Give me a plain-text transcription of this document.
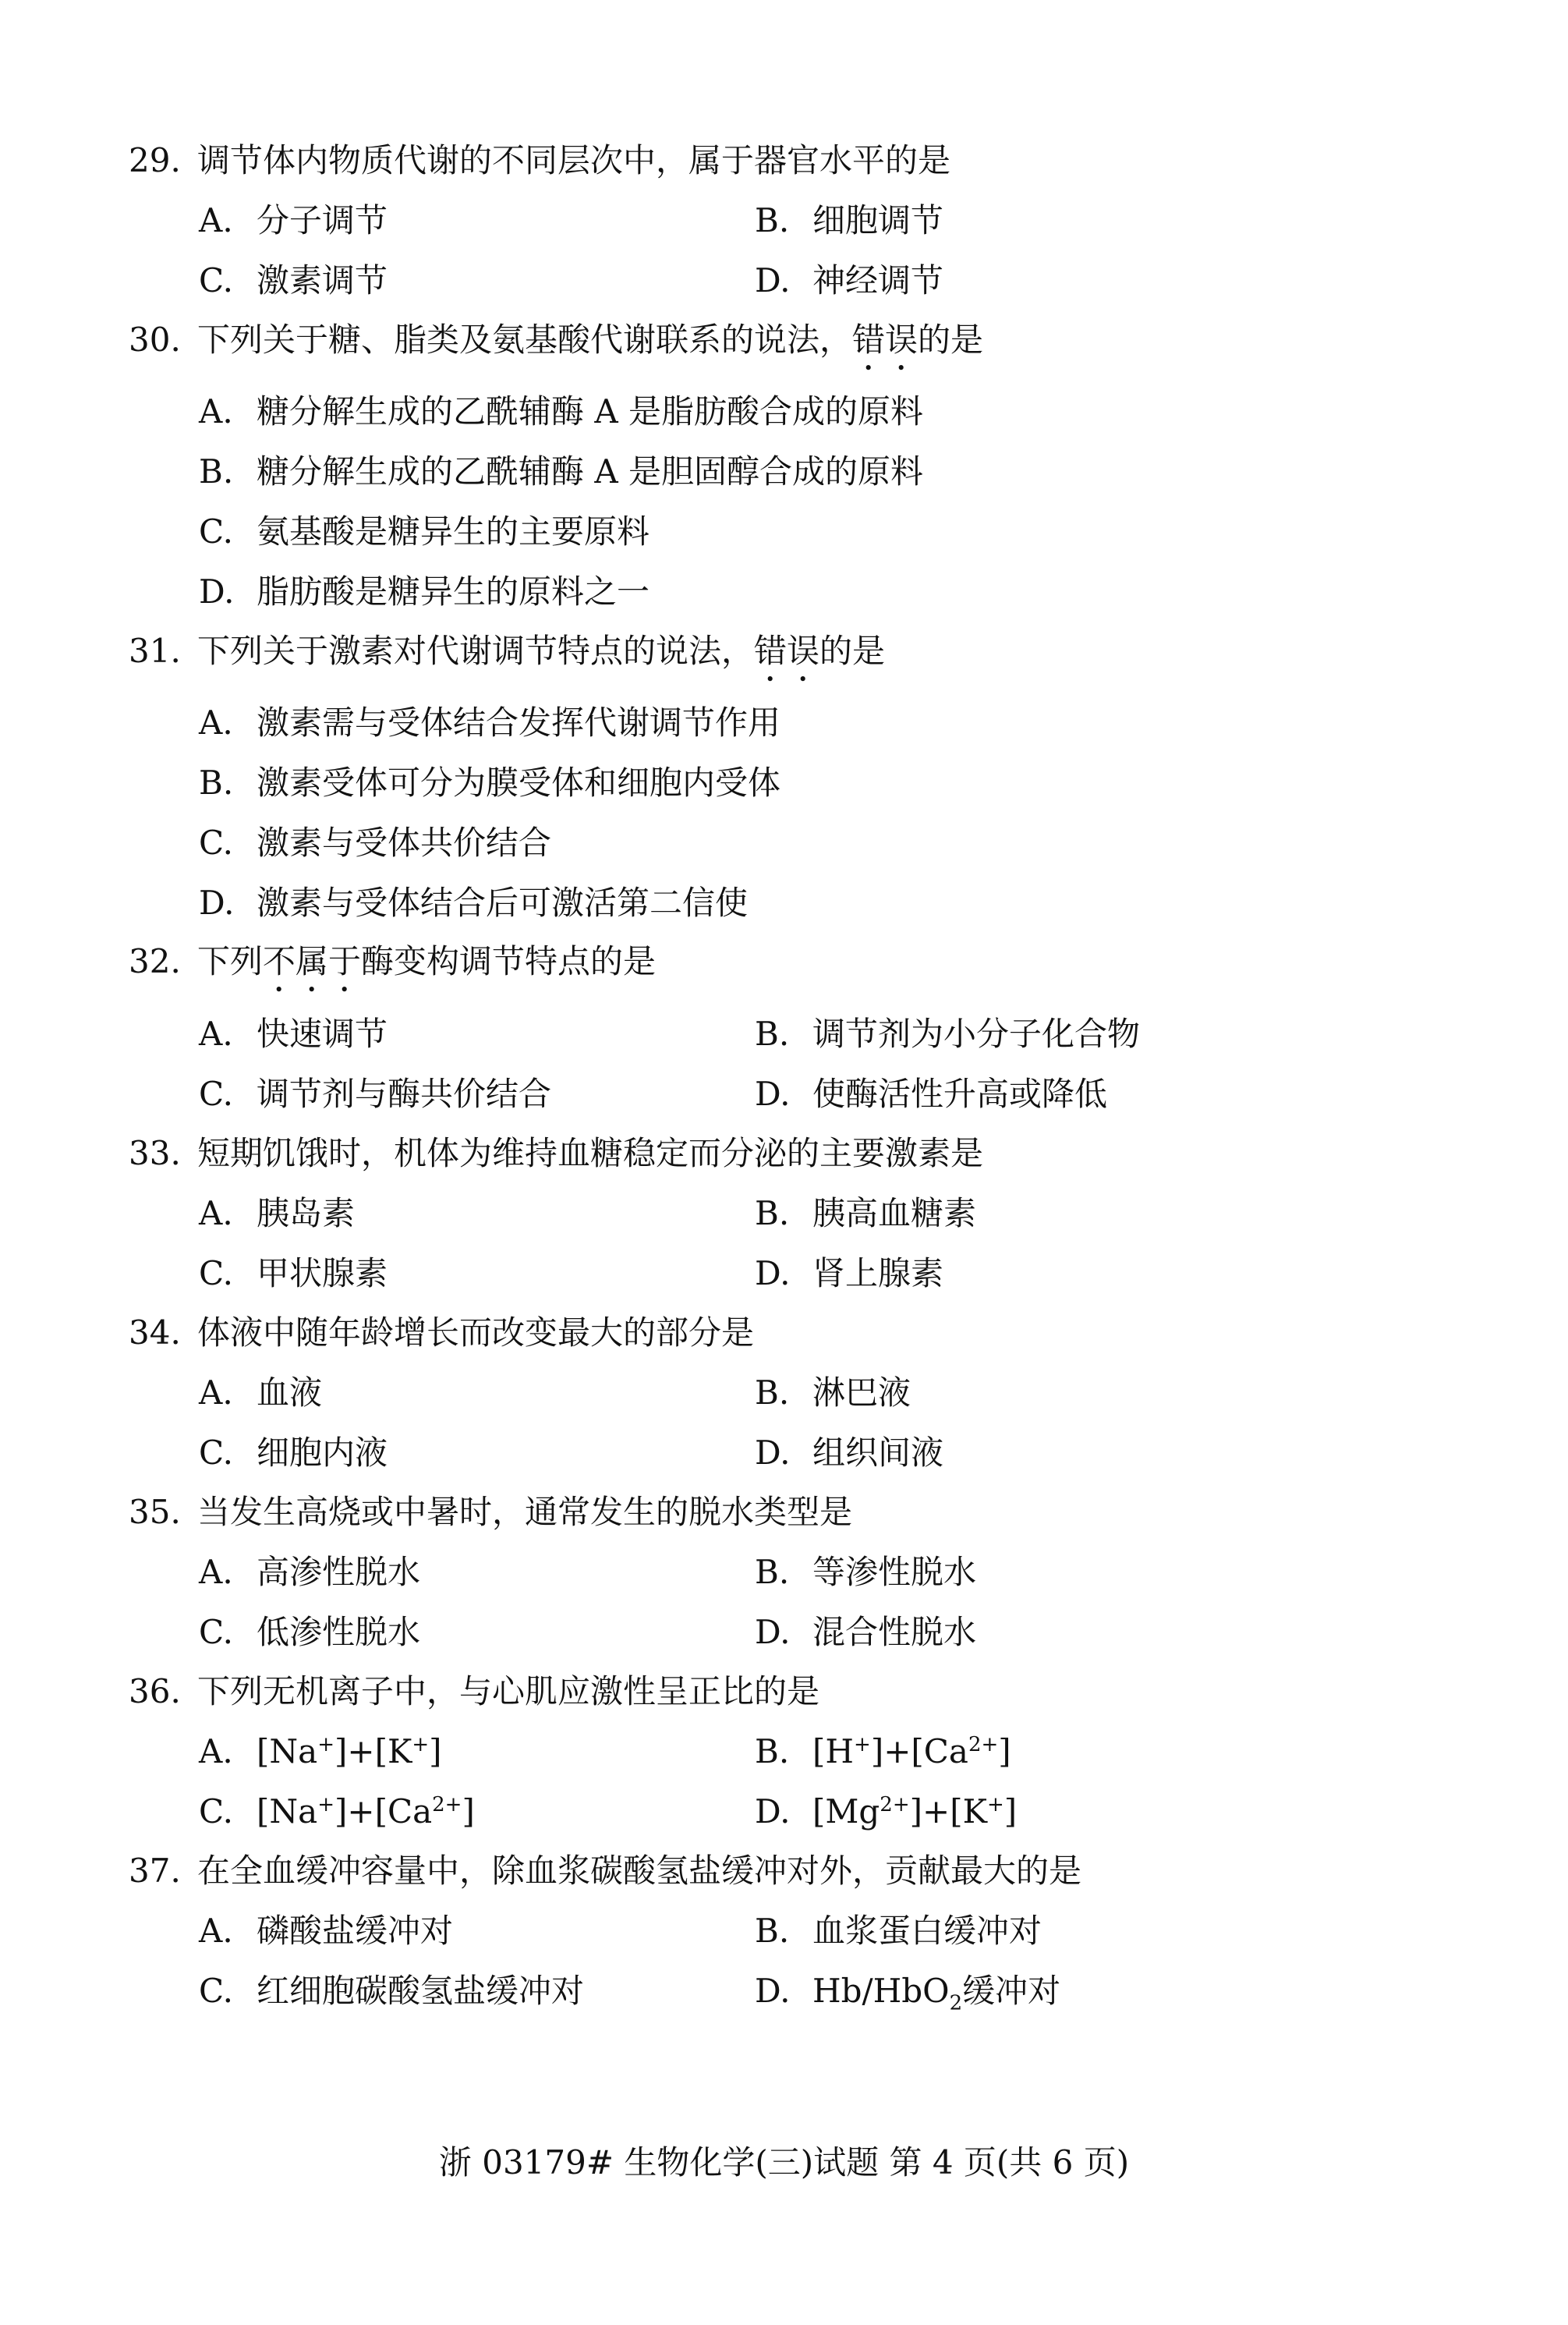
29. 调节体内物质代谢的不同层次中，属于器官水平的是
A. 分子调节	B. 细胞调节
C. 激素调节	D. 神经调节
30. 下列关于糖、脂类及氨基酸代谢联系的说法，错误的是
A. 糖分解生成的乙酰辅酶 A 是脂肪酸合成的原料
B. 糖分解生成的乙酰辅酶 A 是胆固醇合成的原料
C. 氨基酸是糖异生的主要原料
D. 脂肪酸是糖异生的原料之一
31. 下列关于激素对代谢调节特点的说法，错误的是
A. 激素需与受体结合发挥代谢调节作用
B. 激素受体可分为膜受体和细胞内受体
C. 激素与受体共价结合
D. 激素与受体结合后可激活第二信使
32. 下列不属于酶变构调节特点的是
A. 快速调节	B. 调节剂为小分子化合物
C. 调节剂与酶共价结合	D. 使酶活性升高或降低
33. 短期饥饿时，机体为维持血糖稳定而分泌的主要激素是
A. 胰岛素	B. 胰高血糖素
C. 甲状腺素	D. 肾上腺素
34. 体液中随年龄增长而改变最大的部分是
A. 血液	B. 淋巴液
C. 细胞内液	D. 组织间液
35. 当发生高烧或中暑时，通常发生的脱水类型是
A. 高渗性脱水	B. 等渗性脱水
C. 低渗性脱水	D. 混合性脱水
36. 下列无机离子中，与心肌应激性呈正比的是
A. [Na+]+[K+]	B. $[H^+]+[Ca^{2+}]$
C. $[Na^+]+[Ca^{2+}]$	D. $[Mg^{2+}]+[K^+]$
37. 在全血缓冲容量中，除血浆碳酸氢盐缓冲对外，贡献最大的是
A. 磷酸盐缓冲对	B. 血浆蛋白缓冲对
C. 红细胞碳酸氢盐缓冲对	D. Hb/HbO$_2$缓冲对
浙 03179# 生物化学(三)试题 第 4 页(共 6 页)
